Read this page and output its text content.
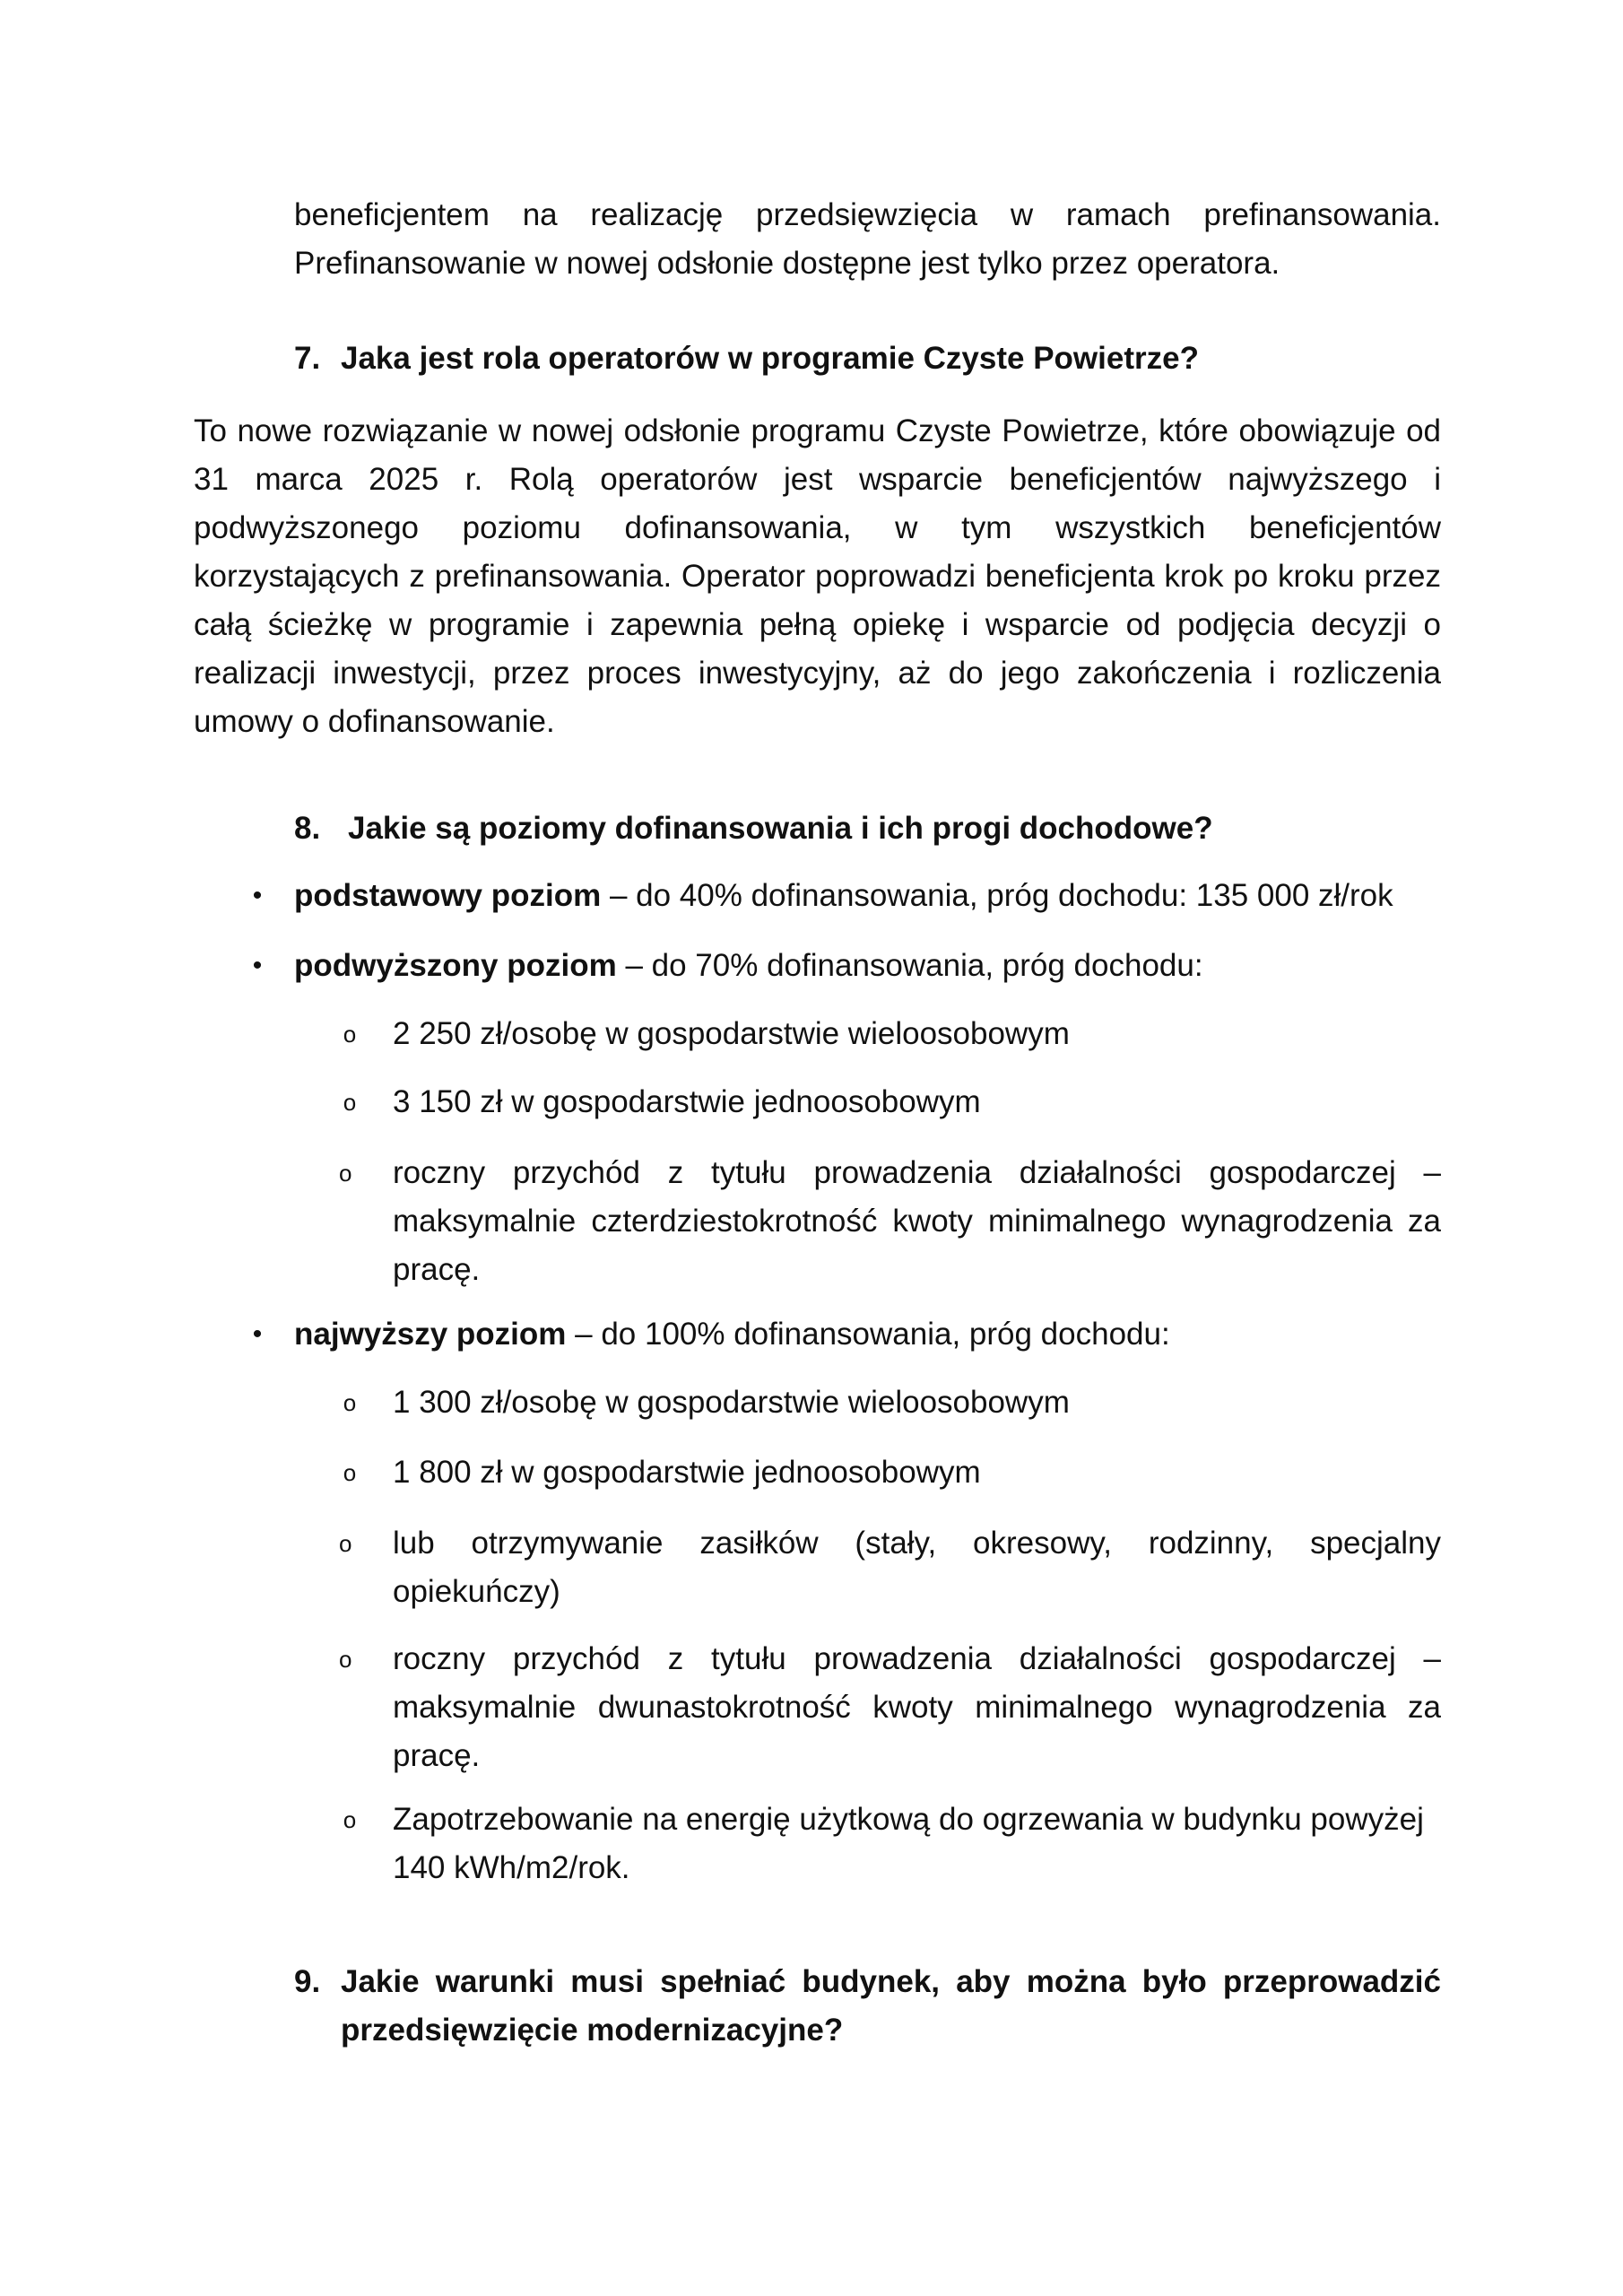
beneficjentem na realizację przedsięwzięcia w ramach prefinansowania. Prefinansowanie w nowej odsłonie dostępne jest tylko przez operatora.

7. Jaka jest rola operatorów w programie Czyste Powietrze?

To nowe rozwiązanie w nowej odsłonie programu Czyste Powietrze, które obowiązuje od 31 marca 2025 r. Rolą operatorów jest wsparcie beneficjentów najwyższego i podwyższonego poziomu dofinansowania, w tym wszystkich beneficjentów korzystających z prefinansowania. Operator poprowadzi beneficjenta krok po kroku przez całą ścieżkę w programie i zapewnia pełną opiekę i wsparcie od podjęcia decyzji o realizacji inwestycji, przez proces inwestycyjny, aż do jego zakończenia i rozliczenia umowy o dofinansowanie.

8. Jakie są poziomy dofinansowania i ich progi dochodowe?
• podstawowy poziom – do 40% dofinansowania, próg dochodu: 135 000 zł/rok
• podwyższony poziom – do 70% dofinansowania, próg dochodu:
o 2 250 zł/osobę w gospodarstwie wieloosobowym
o 3 150 zł w gospodarstwie jednoosobowym
o roczny przychód z tytułu prowadzenia działalności gospodarczej – maksymalnie czterdziestokrotność kwoty minimalnego wynagrodzenia za pracę.
• najwyższy poziom – do 100% dofinansowania, próg dochodu:
o 1 300 zł/osobę w gospodarstwie wieloosobowym
o 1 800 zł w gospodarstwie jednoosobowym
o lub otrzymywanie zasiłków (stały, okresowy, rodzinny, specjalny opiekuńczy)
o roczny przychód z tytułu prowadzenia działalności gospodarczej – maksymalnie dwunastokrotność kwoty minimalnego wynagrodzenia za pracę.
o Zapotrzebowanie na energię użytkową do ogrzewania w budynku powyżej 140 kWh/m2/rok.
9. Jakie warunki musi spełniać budynek, aby można było przeprowadzić przedsięwzięcie modernizacyjne?
